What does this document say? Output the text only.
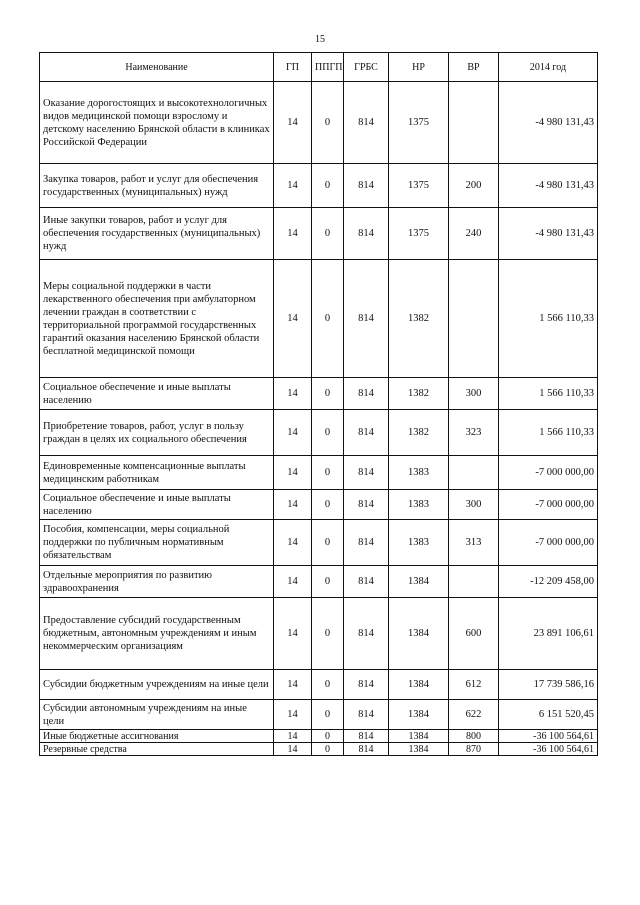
15
Наименование	ГП	ППГП	ГРБС	НР	ВР	2014 год
Оказание дорогостоящих и высокотехнологичных видов медицинской помощи взрослому и детскому населению Брянской области в клиниках Российской Федерации	14	0	814	1375		-4 980 131,43
Закупка товаров, работ и услуг для обеспечения государственных (муниципальных) нужд	14	0	814	1375	200	-4 980 131,43
Иные закупки товаров, работ и услуг для обеспечения государственных (муниципальных) нужд	14	0	814	1375	240	-4 980 131,43
Меры социальной поддержки в части лекарственного обеспечения при амбулаторном лечении граждан в соответствии с территориальной программой государственных гарантий оказания населению Брянской области бесплатной медицинской помощи	14	0	814	1382		1 566 110,33
Социальное обеспечение и иные выплаты населению	14	0	814	1382	300	1 566 110,33
Приобретение товаров, работ, услуг в пользу граждан в целях их социального обеспечения	14	0	814	1382	323	1 566 110,33
Единовременные компенсационные выплаты медицинским работникам	14	0	814	1383		-7 000 000,00
Социальное обеспечение и иные выплаты населению	14	0	814	1383	300	-7 000 000,00
Пособия, компенсации, меры социальной поддержки по публичным нормативным обязательствам	14	0	814	1383	313	-7 000 000,00
Отдельные мероприятия по развитию здравоохранения	14	0	814	1384		-12 209 458,00
Предоставление субсидий государственным бюджетным, автономным учреждениям и иным некоммерческим организациям	14	0	814	1384	600	23 891 106,61
Субсидии бюджетным учреждениям на иные цели	14	0	814	1384	612	17 739 586,16
Субсидии автономным учреждениям на иные цели	14	0	814	1384	622	6 151 520,45
Иные бюджетные ассигнования	14	0	814	1384	800	-36 100 564,61
Резервные средства	14	0	814	1384	870	-36 100 564,61
